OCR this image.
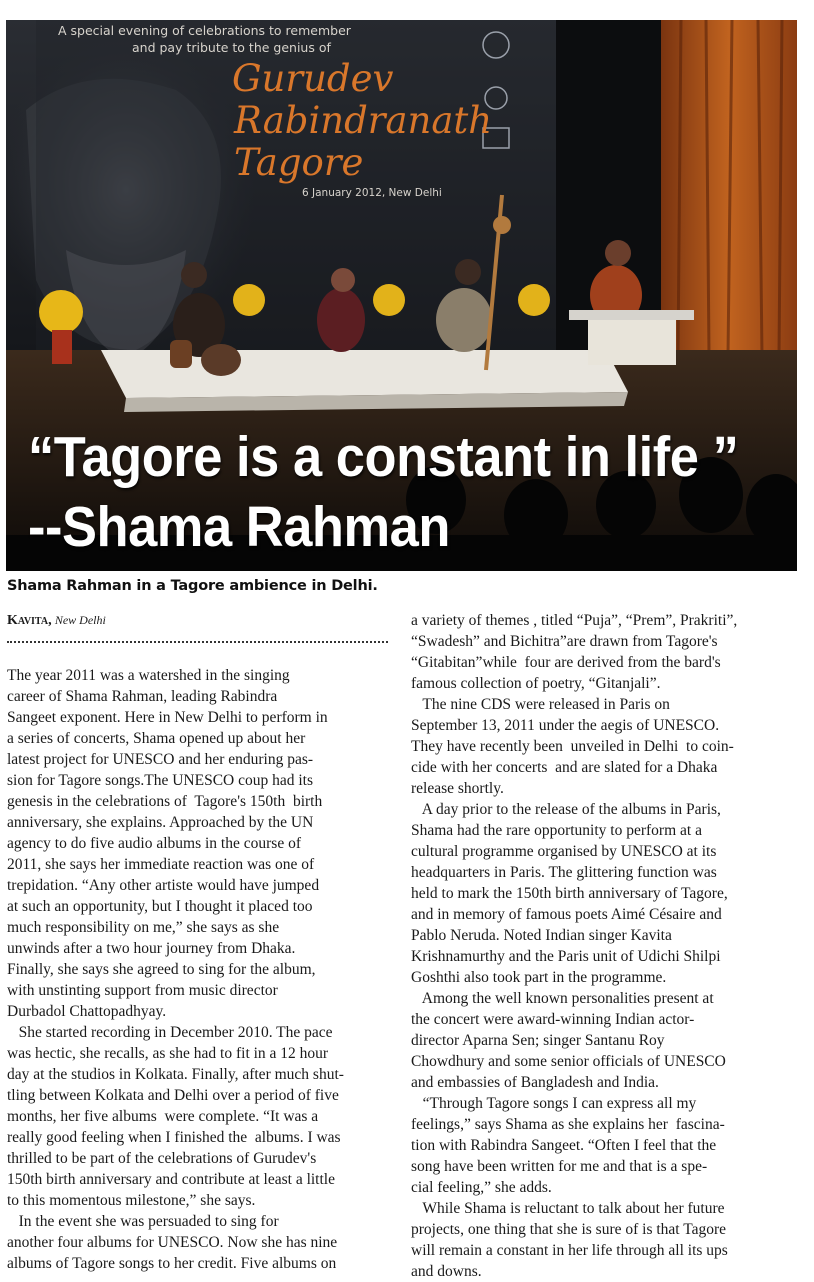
A special evening of celebrations to remember
and pay tribute to the genius of
Gurudev
Rabindranath
Tagore
6 January 2012, New Delhi
“Tagore is a constant in life ”
--Shama Rahman
Shama Rahman in a Tagore ambience in Delhi.
Kavita, New Delhi
The year 2011 was a watershed in the singing
career of Shama Rahman, leading Rabindra
Sangeet exponent. Here in New Delhi to perform in
a series of concerts, Shama opened up about her
latest project for UNESCO and her enduring pas-
sion for Tagore songs.The UNESCO coup had its
genesis in the celebrations of  Tagore's 150th  birth
anniversary, she explains. Approached by the UN
agency to do five audio albums in the course of
2011, she says her immediate reaction was one of
trepidation. “Any other artiste would have jumped
at such an opportunity, but I thought it placed too
much responsibility on me,” she says as she
unwinds after a two hour journey from Dhaka.
Finally, she says she agreed to sing for the album,
with unstinting support from music director
Durbadol Chattopadhyay.
She started recording in December 2010. The pace
was hectic, she recalls, as she had to fit in a 12 hour
day at the studios in Kolkata. Finally, after much shut-
tling between Kolkata and Delhi over a period of five
months, her five albums  were complete. “It was a
really good feeling when I finished the  albums. I was
thrilled to be part of the celebrations of Gurudev's
150th birth anniversary and contribute at least a little
to this momentous milestone,” she says.
In the event she was persuaded to sing for
another four albums for UNESCO. Now she has nine
albums of Tagore songs to her credit. Five albums on
a variety of themes , titled “Puja”, “Prem”, Prakriti”,
“Swadesh” and Bichitra”are drawn from Tagore's
“Gitabitan”while  four are derived from the bard's
famous collection of poetry, “Gitanjali”.
The nine CDS were released in Paris on
September 13, 2011 under the aegis of UNESCO.
They have recently been  unveiled in Delhi  to coin-
cide with her concerts  and are slated for a Dhaka
release shortly.
A day prior to the release of the albums in Paris,
Shama had the rare opportunity to perform at a
cultural programme organised by UNESCO at its
headquarters in Paris. The glittering function was
held to mark the 150th birth anniversary of Tagore,
and in memory of famous poets Aimé Césaire and
Pablo Neruda. Noted Indian singer Kavita
Krishnamurthy and the Paris unit of Udichi Shilpi
Goshthi also took part in the programme.
Among the well known personalities present at
the concert were award-winning Indian actor-
director Aparna Sen; singer Santanu Roy
Chowdhury and some senior officials of UNESCO
and embassies of Bangladesh and India.
“Through Tagore songs I can express all my
feelings,” says Shama as she explains her  fascina-
tion with Rabindra Sangeet. “Often I feel that the
song have been written for me and that is a spe-
cial feeling,” she adds.
While Shama is reluctant to talk about her future
projects, one thing that she is sure of is that Tagore
will remain a constant in her life through all its ups
and downs.
